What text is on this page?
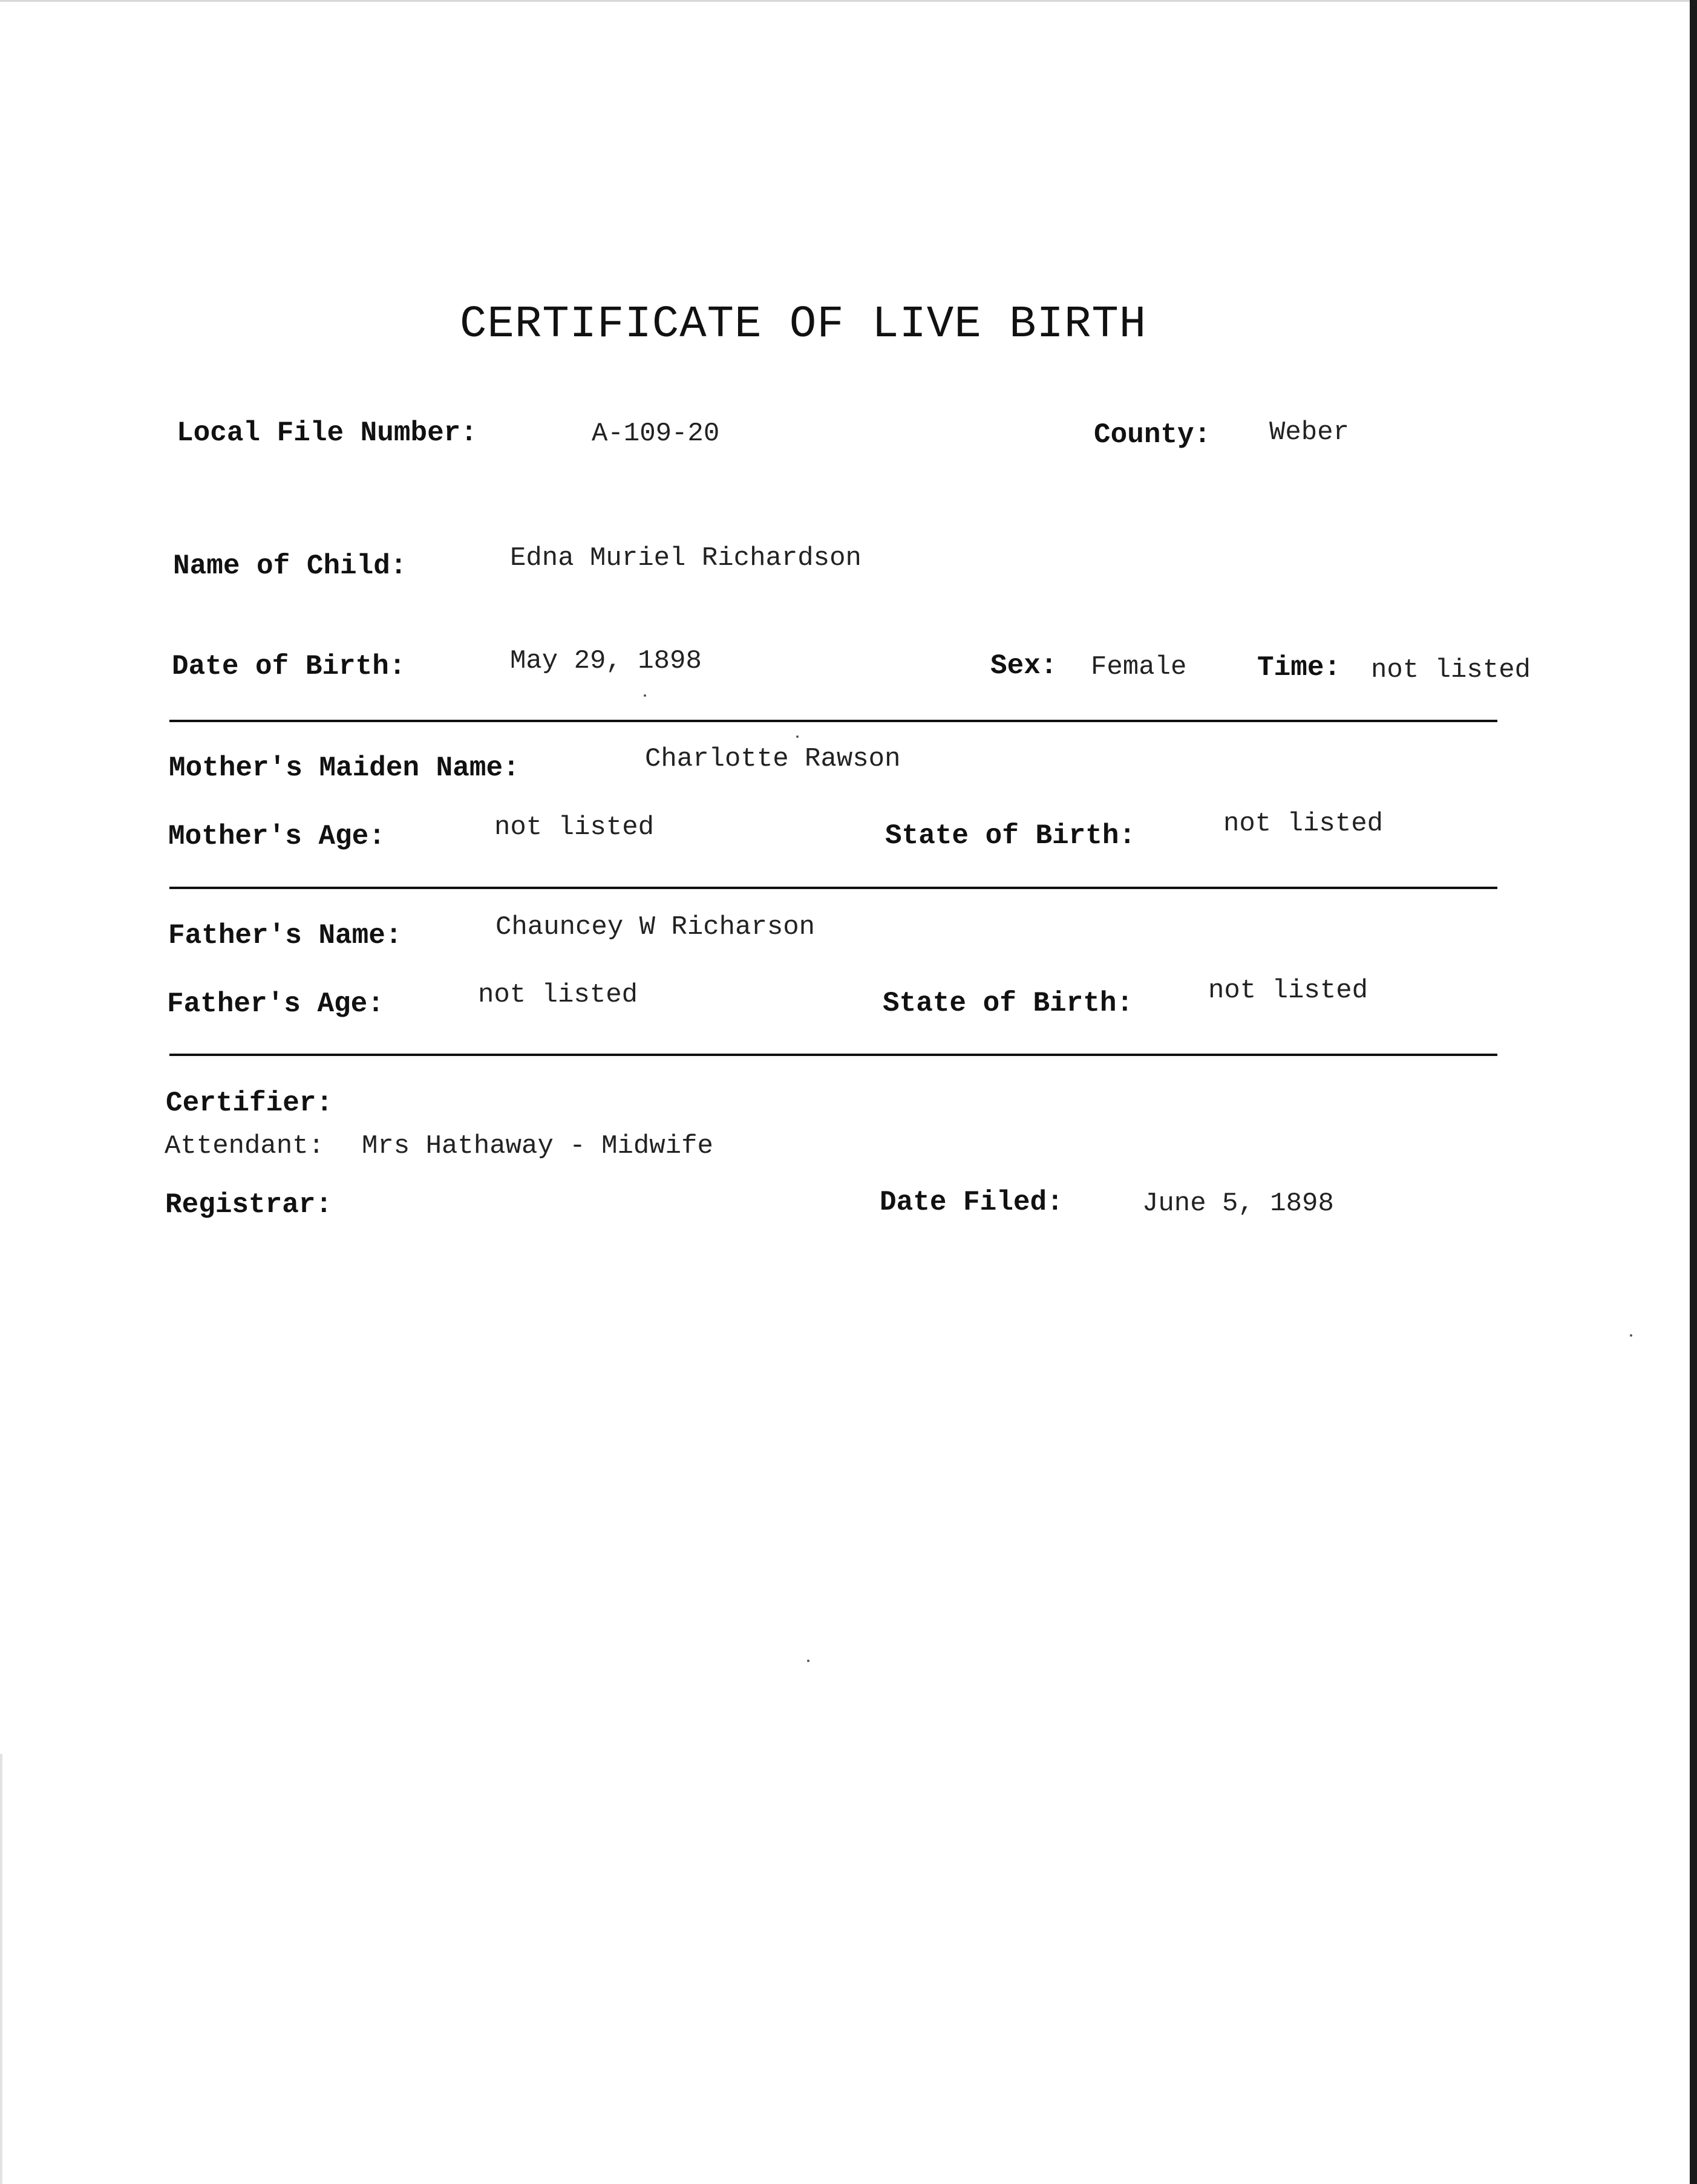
CERTIFICATE OF LIVE BIRTH
Local File Number:	A-109-20	County: Weber
Name of Child:	Edna Muriel Richardson
Date of Birth:	May 29, 1898	Sex: Female	Time: not listed
Mother's Maiden Name:	Charlotte Rawson
Mother's Age:	not listed	State of Birth:	not listed
Father's Name:	Chauncey W Richarson
Father's Age:	not listed	State of Birth:	not listed
Certifier:
Attendant: Mrs Hathaway - Midwife
Registrar:	Date Filed:	June 5, 1898
